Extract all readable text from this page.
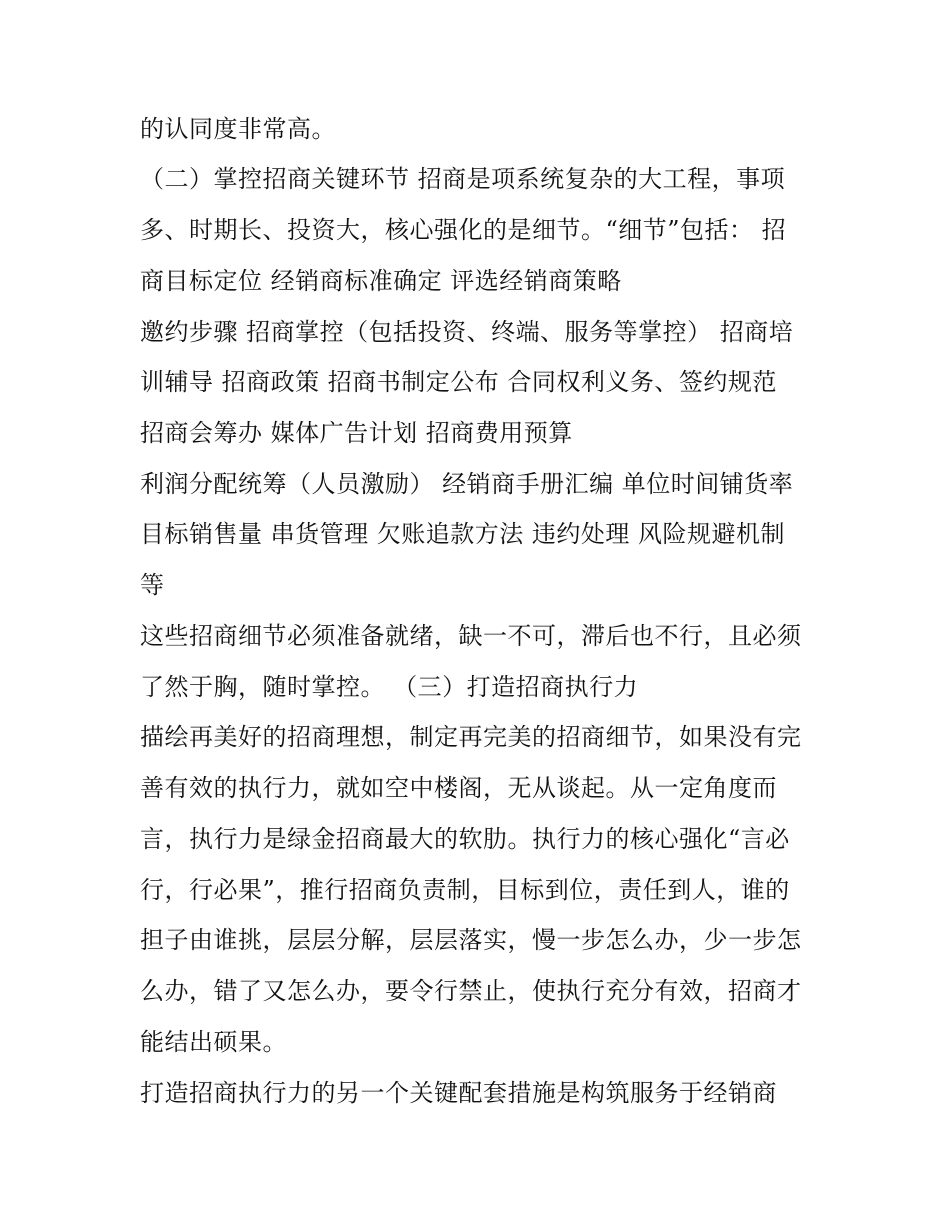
的认同度非常高。
（二）掌控招商关键环节 招商是项系统复杂的大工程，事项
多、时期长、投资大，核心强化的是细节。“细节”包括： 招
商目标定位 经销商标准确定 评选经销商策略
邀约步骤 招商掌控（包括投资、终端、服务等掌控） 招商培
训辅导 招商政策 招商书制定公布 合同权利义务、签约规范
招商会筹办 媒体广告计划 招商费用预算
利润分配统筹（人员激励） 经销商手册汇编 单位时间铺货率
目标销售量 串货管理 欠账追款方法 违约处理 风险规避机制
等
这些招商细节必须准备就绪，缺一不可，滞后也不行，且必须
了然于胸，随时掌控。 （三）打造招商执行力
描绘再美好的招商理想，制定再完美的招商细节，如果没有完
善有效的执行力，就如空中楼阁，无从谈起。从一定角度而
言，执行力是绿金招商最大的软肋。执行力的核心强化“言必
行，行必果”，推行招商负责制，目标到位，责任到人，谁的
担子由谁挑，层层分解，层层落实，慢一步怎么办，少一步怎
么办，错了又怎么办，要令行禁止，使执行充分有效，招商才
能结出硕果。
打造招商执行力的另一个关键配套措施是构筑服务于经销商
